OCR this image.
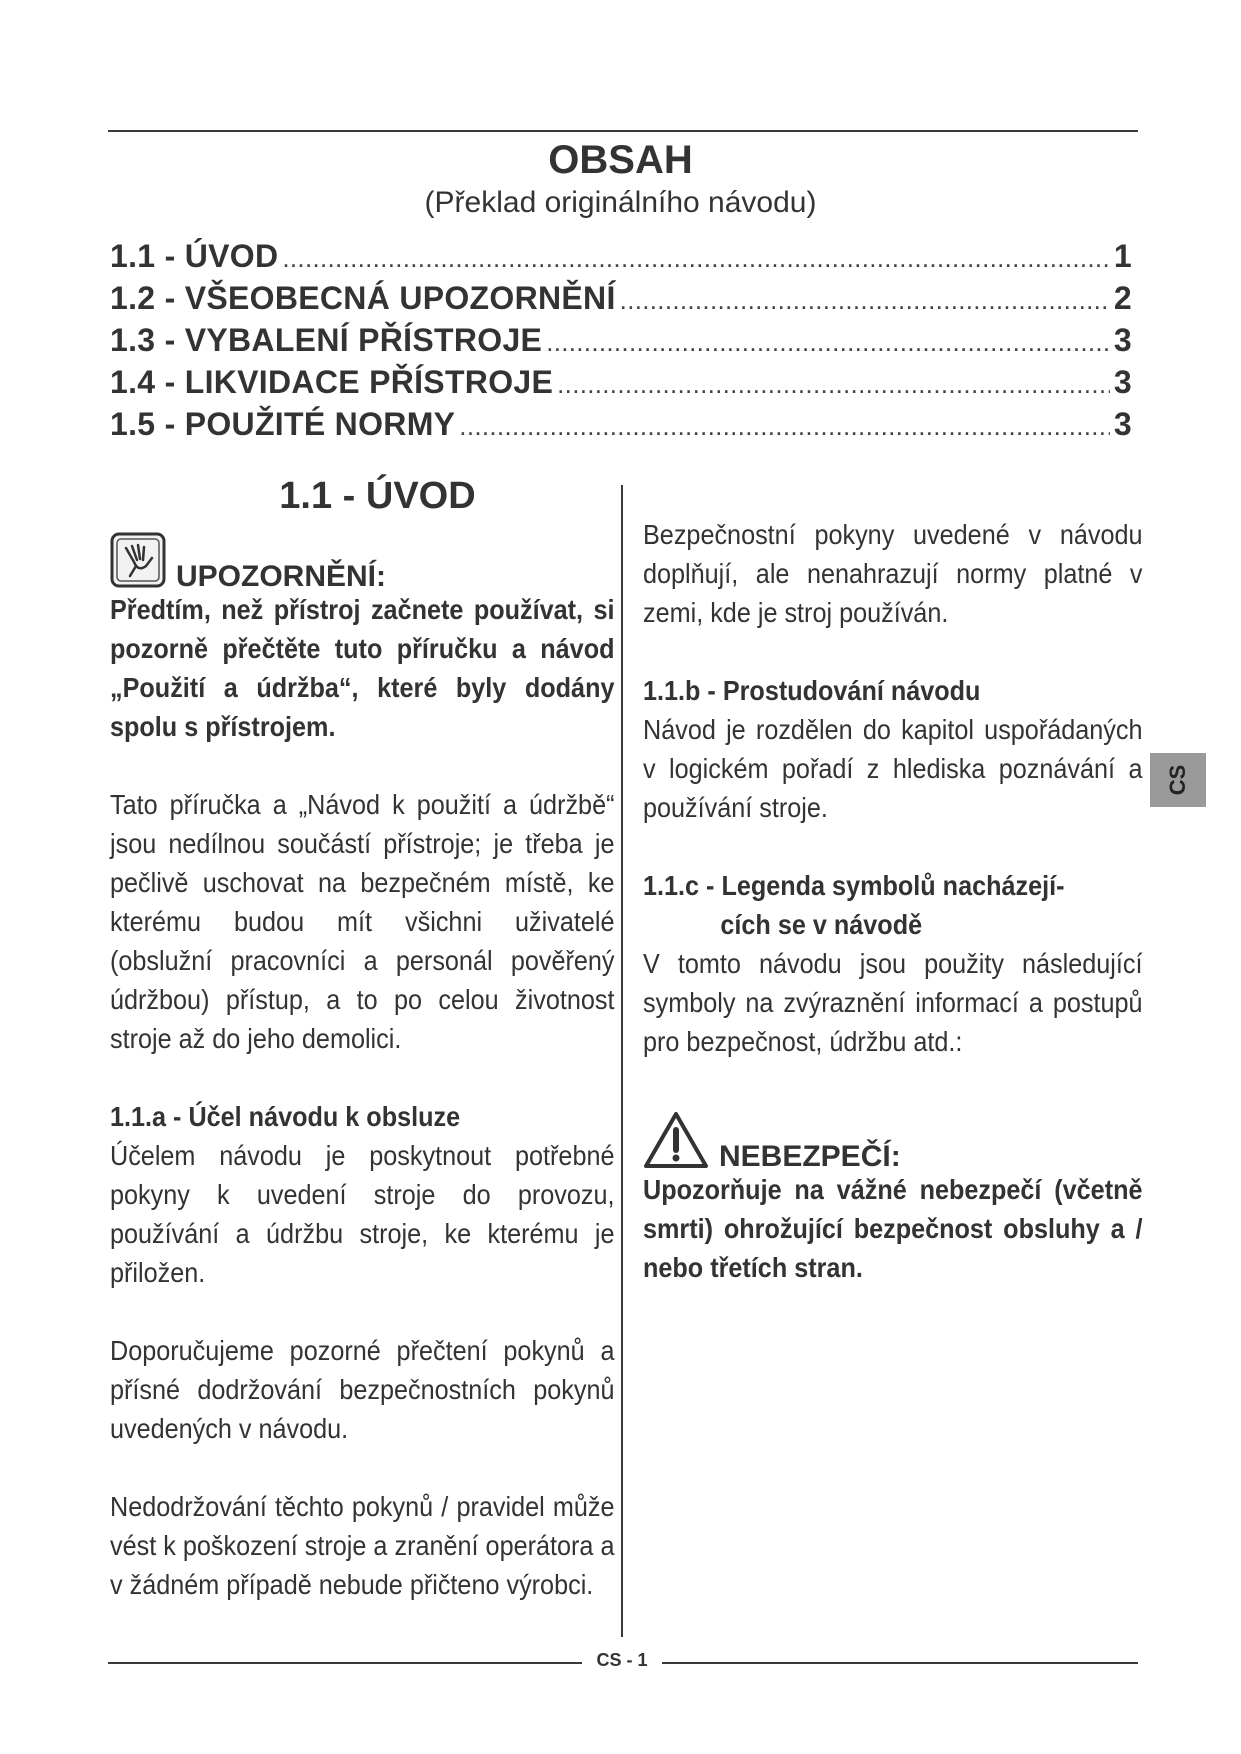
OBSAH
(Překlad originálního návodu)
1.1 - ÚVOD .....	1
1.2 - VŠEOBECNÁ UPOZORNĚNÍ .....	2
1.3 - VYBALENÍ PŘÍSTROJE .....	3
1.4 - LIKVIDACE PŘÍSTROJE .....	3
1.5 - POUŽITÉ NORMY .....	3
1.1 - ÚVOD
UPOZORNĚNÍ:

Předtím, než přístroj začnete používat, si pozorně přečtěte tuto příručku a návod „Použití a údržba“, které byly dodány spolu s přístrojem.

Tato příručka a „Návod k použití a údržbě“ jsou nedílnou součástí přístroje; je třeba je pečlivě uschovat na bezpečném místě, ke kterému budou mít všichni uživatelé (obslužní pracovníci a personál pověřený údržbou) přístup, a to po celou životnost stroje až do jeho demolici.

1.1.a - Účel návodu k obsluze

Účelem návodu je poskytnout potřebné pokyny k uvedení stroje do provozu, používání a údržbu stroje, ke kterému je přiložen.

Doporučujeme pozorné přečtení pokynů a přísné dodržování bezpečnostních pokynů uvedených v návodu.

Nedodržování těchto pokynů / pravidel může vést k poškození stroje a zranění operátora a v žádném případě nebude přičteno výrobci.

Bezpečnostní pokyny uvedené v návodu doplňují, ale nenahrazují normy platné v zemi, kde je stroj používán.

1.1.b - Prostudování návodu

Návod je rozdělen do kapitol uspořádaných v logickém pořadí z hlediska poznávání a používání stroje.

1.1.c - Legenda symbolů nacházejí-
cích se v návodě

V tomto návodu jsou použity následující symboly na zvýraznění informací a postupů pro bezpečnost, údržbu atd.:

NEBEZPEČÍ:

Upozorňuje na vážné nebezpečí (včetně smrti) ohrožující bezpečnost obsluhy a / nebo třetích stran.

CS
CS - 1
